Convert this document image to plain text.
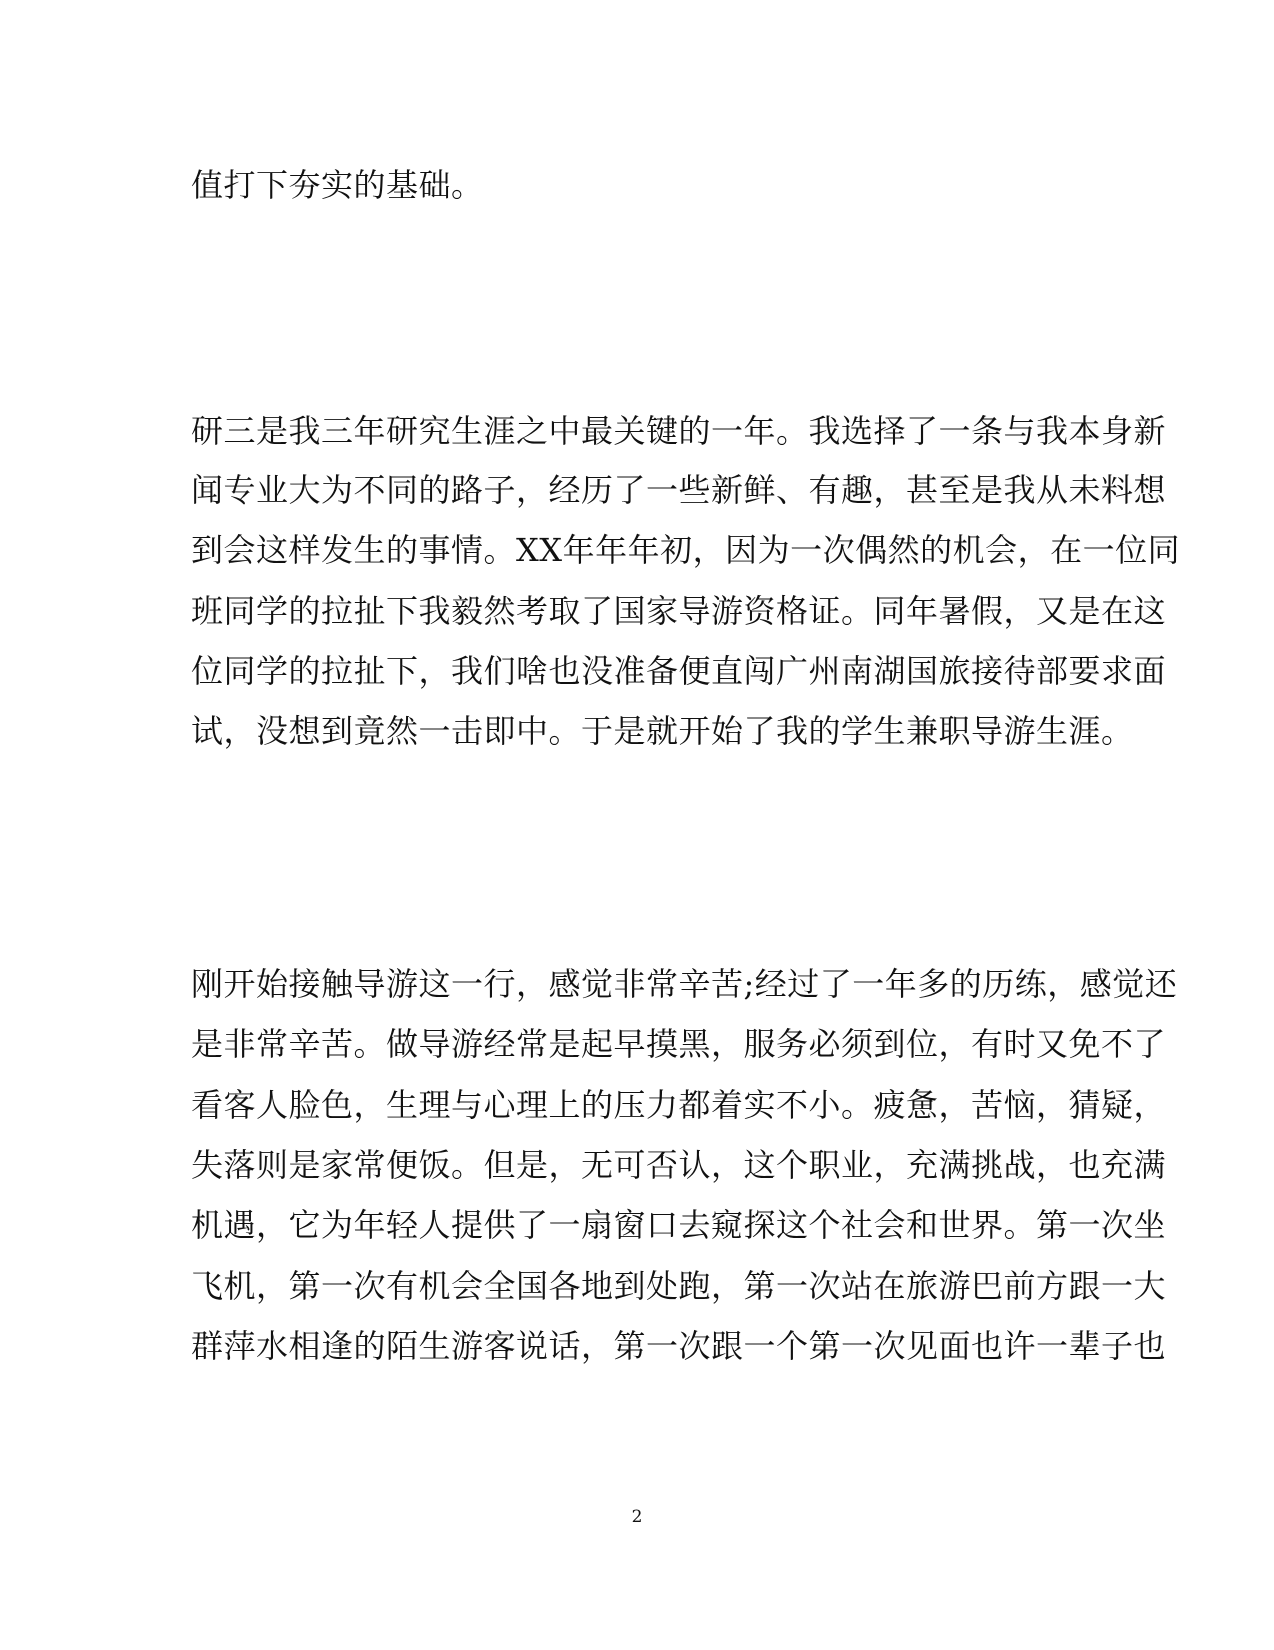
值打下夯实的基础。

研三是我三年研究生涯之中最关键的一年。我选择了一条与我本身新

闻专业大为不同的路子，经历了一些新鲜、有趣，甚至是我从未料想

到会这样发生的事情。XX年年年初，因为一次偶然的机会，在一位同

班同学的拉扯下我毅然考取了国家导游资格证。同年暑假，又是在这

位同学的拉扯下，我们啥也没准备便直闯广州南湖国旅接待部要求面

试，没想到竟然一击即中。于是就开始了我的学生兼职导游生涯。

刚开始接触导游这一行，感觉非常辛苦;经过了一年多的历练，感觉还

是非常辛苦。做导游经常是起早摸黑，服务必须到位，有时又免不了

看客人脸色，生理与心理上的压力都着实不小。疲惫，苦恼，猜疑，

失落则是家常便饭。但是，无可否认，这个职业，充满挑战，也充满

机遇，它为年轻人提供了一扇窗口去窥探这个社会和世界。第一次坐

飞机，第一次有机会全国各地到处跑，第一次站在旅游巴前方跟一大

群萍水相逢的陌生游客说话，第一次跟一个第一次见面也许一辈子也

2
